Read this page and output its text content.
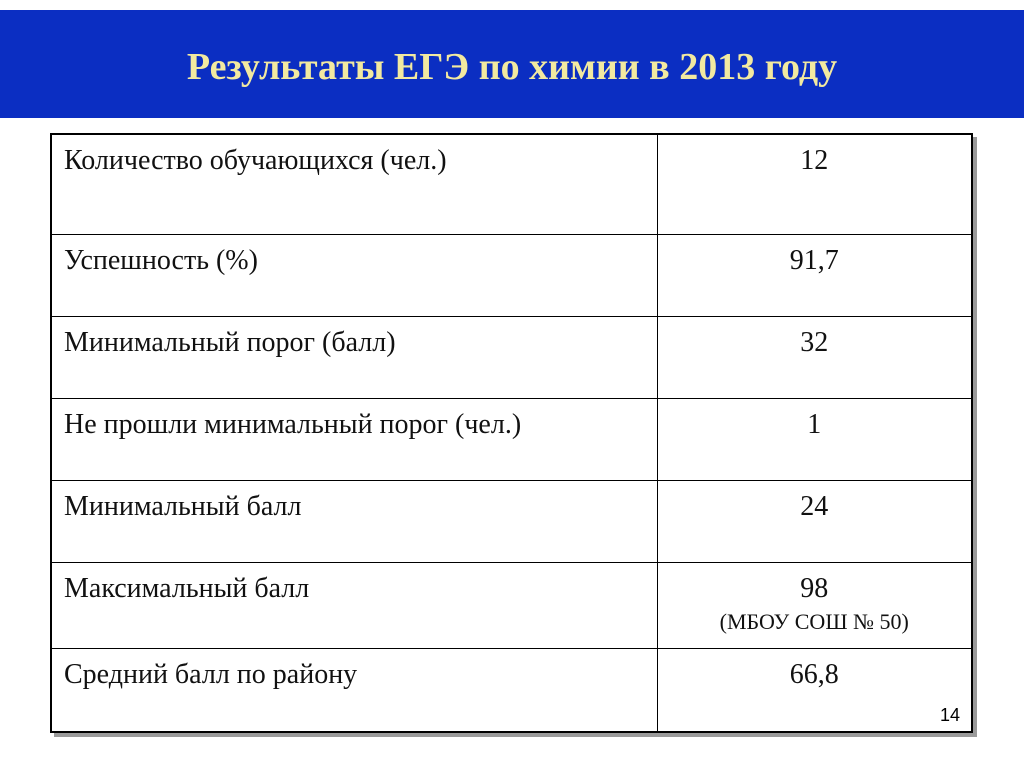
Результаты ЕГЭ по химии в 2013 году
Количество обучающихся (чел.)	12
Успешность (%)	91,7
Минимальный порог (балл)	32
Не прошли минимальный порог (чел.)	1
Минимальный балл	24
Максимальный балл	98
(МБОУ СОШ № 50)

Средний балл по району	66,8
14
